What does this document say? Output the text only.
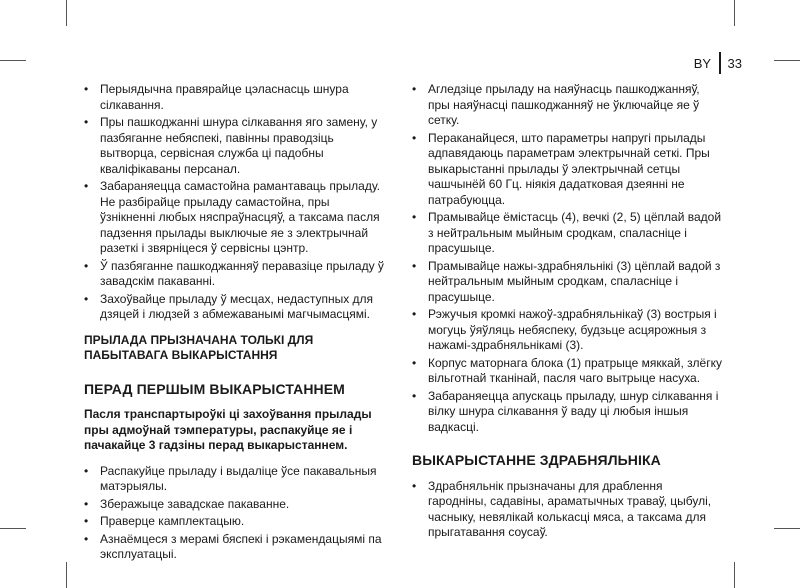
BY 33
• Перыядычна правярайце цэласнасць шнура сілкавання.
• Пры пашкоджанні шнура сілкавання яго замену, у пазбяганне небяспекі, павінны праводзіць вытворца, сервісная служба ці падобны кваліфікаваны персанал.
• Забараняецца самастойна рамантаваць прыладу. Не разбірайце прыладу самастойна, пры ўзнікненні любых няспраўнасцяў, а таксама пасля падзення прылады выключые яе з электрычнай разеткі і звярніцеся ў сервісны цэнтр.
• Ў пазбяганне пашкоджанняў перавазіце прыладу ў завадскім пакаванні.
• Захоўвайце прыладу ў месцах, недаступных для дзяцей і людзей з абмежаванымі магчымасцямі.

ПРЫЛАДА ПРЫЗНАЧАНА ТОЛЬКІ ДЛЯ ПАБЫТАВАГА ВЫКАРЫСТАННЯ

ПЕРАД ПЕРШЫМ ВЫКАРЫСТАННЕМ

Пасля транспартыроўкі ці захоўвання прылады пры адмоўнай тэмпературы, распакуйце яе і пачакайце 3 гадзіны перад выкарыстаннем.

• Распакуйце прыладу і выдаліце ўсе пакавальныя матэрыялы.
• Зберажыце завадскае пакаванне.
• Праверце камплектацыю.
• Азнаёмцеся з мерамі бяспекі і рэкамендацыямі па эксплуатацыі.
• Агледзіце прыладу на наяўнасць пашкоджанняў, пры наяўнасці пашкоджанняў не ўключайце яе ў сетку.
• Пераканайцеся, што параметры напругі прылады адпавядаюць параметрам электрычнай сеткі. Пры выкарыстанні прылады ў электрычнай сетцы чашчынёй 60 Гц. ніякія дадатковая дзеянні не патрабуюцца.
• Прамывайце ёмістасць (4), вечкі (2, 5) цёплай вадой з нейтральным мыйным сродкам, спаласніце і прасушыце.
• Прамывайце нажы-здрабняльнікі (3) цёплай вадой з нейтральным мыйным сродкам, спаласніце і прасушыце.
• Рэжучыя кромкі нажоў-здрабняльнікаў (3) вострыя і могуць ўяўляць небяспеку, будзьце асцярожныя з нажамі-здрабняльнікамі (3).
• Корпус маторнага блока (1) пратрыце мяккай, злёгку вільготнай тканінай, пасля чаго вытрыце насуха.
• Забараняецца апускаць прыладу, шнур сілкавання і вілку шнура сілкавання ў ваду ці любыя іншыя вадкасці.
ВЫКАРЫСТАННЕ ЗДРАБНЯЛЬНІКА
• Здрабняльнік прызначаны для драблення гародніны, садавіны, араматычных траваў, цыбулі, часныку, невялікай колькасці мяса, а таксама для прыгатавання соусаў.
